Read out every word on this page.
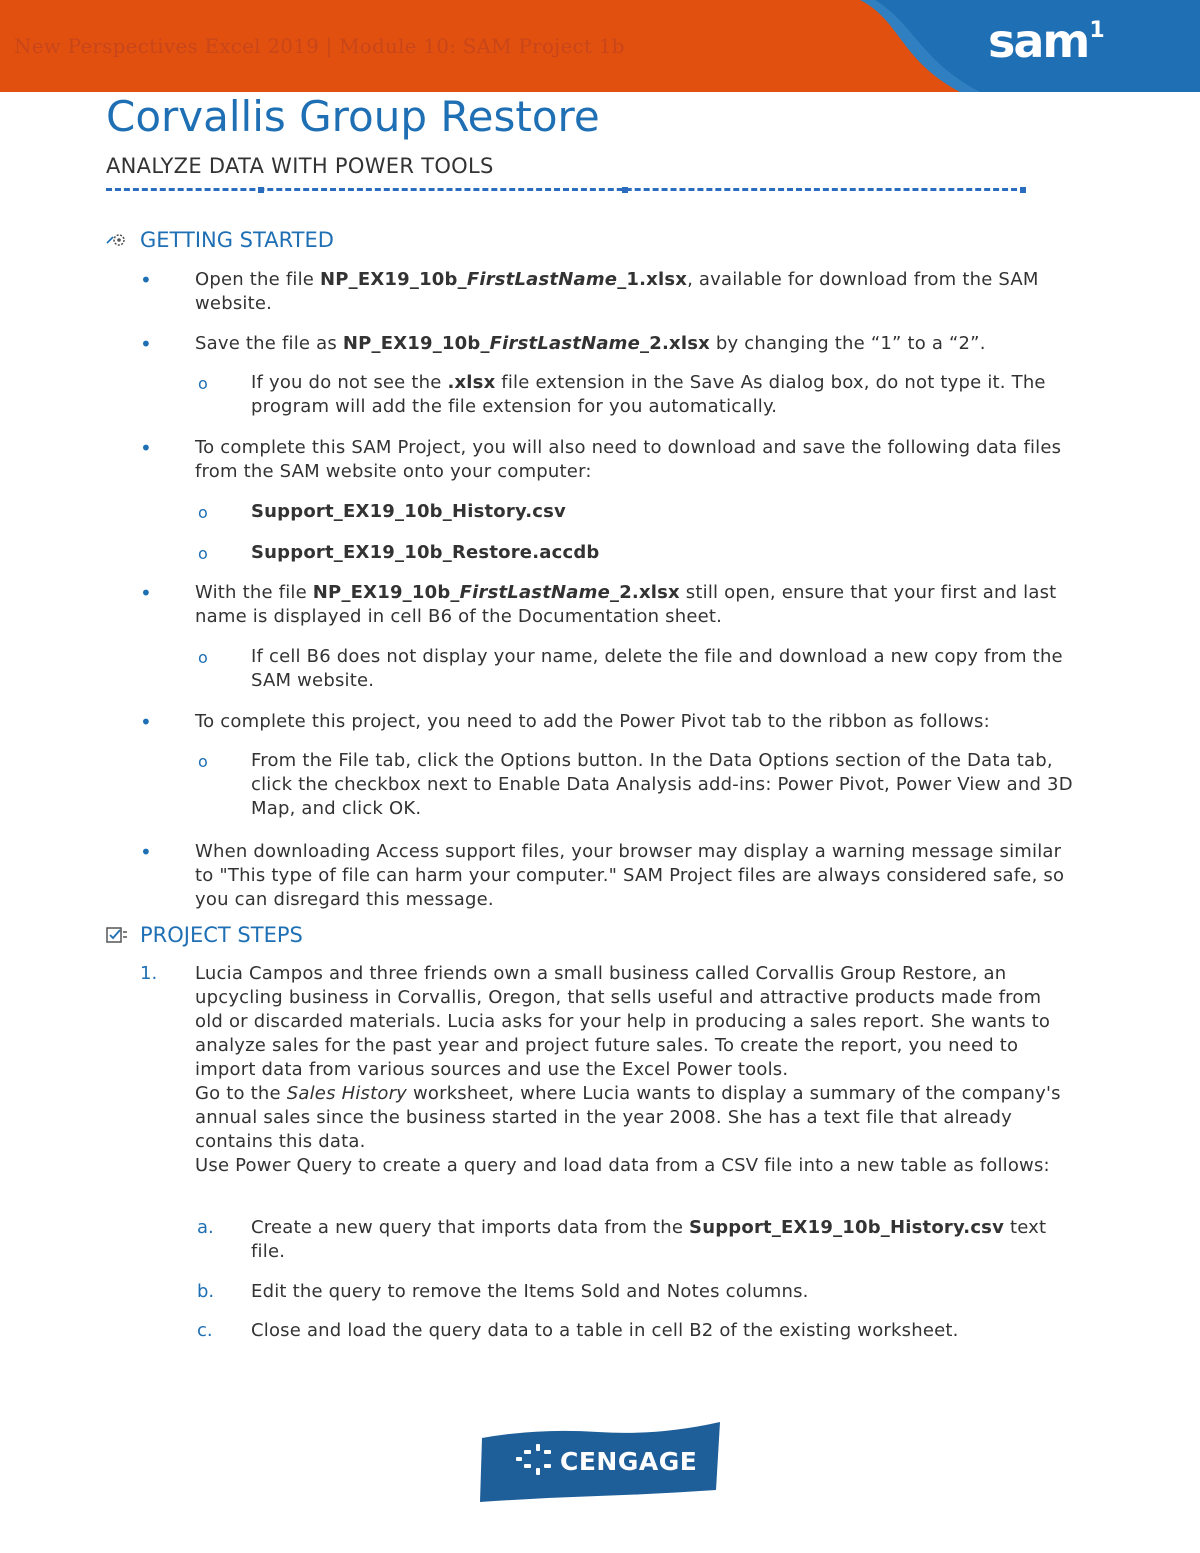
New Perspectives Excel 2019 | Module 10: SAM Project 1b	sam$^1$
Corvallis Group Restore
ANALYZE DATA WITH POWER TOOLS
GETTING STARTED
• Open the file NP_EX19_10b_FirstLastName_1.xlsx, available for download from the SAM website.
• Save the file as NP_EX19_10b_FirstLastName_2.xlsx by changing the “1” to a “2”.
o If you do not see the .xlsx file extension in the Save As dialog box, do not type it. The program will add the file extension for you automatically.
• To complete this SAM Project, you will also need to download and save the following data files from the SAM website onto your computer:
o Support_EX19_10b_History.csv
o Support_EX19_10b_Restore.accdb
• With the file NP_EX19_10b_FirstLastName_2.xlsx still open, ensure that your first and last name is displayed in cell B6 of the Documentation sheet.
o If cell B6 does not display your name, delete the file and download a new copy from the SAM website.
• To complete this project, you need to add the Power Pivot tab to the ribbon as follows:
o From the File tab, click the Options button. In the Data Options section of the Data tab, click the checkbox next to Enable Data Analysis add-ins: Power Pivot, Power View and 3D Map, and click OK.
• When downloading Access support files, your browser may display a warning message similar to "This type of file can harm your computer." SAM Project files are always considered safe, so you can disregard this message.
PROJECT STEPS
1. Lucia Campos and three friends own a small business called Corvallis Group Restore, an upcycling business in Corvallis, Oregon, that sells useful and attractive products made from old or discarded materials. Lucia asks for your help in producing a sales report. She wants to analyze sales for the past year and project future sales. To create the report, you need to import data from various sources and use the Excel Power tools.
Go to the Sales History worksheet, where Lucia wants to display a summary of the company's annual sales since the business started in the year 2008. She has a text file that already contains this data.
Use Power Query to create a query and load data from a CSV file into a new table as follows:
a. Create a new query that imports data from the Support_EX19_10b_History.csv text file.
b. Edit the query to remove the Items Sold and Notes columns.
c. Close and load the query data to a table in cell B2 of the existing worksheet.
CENGAGE
